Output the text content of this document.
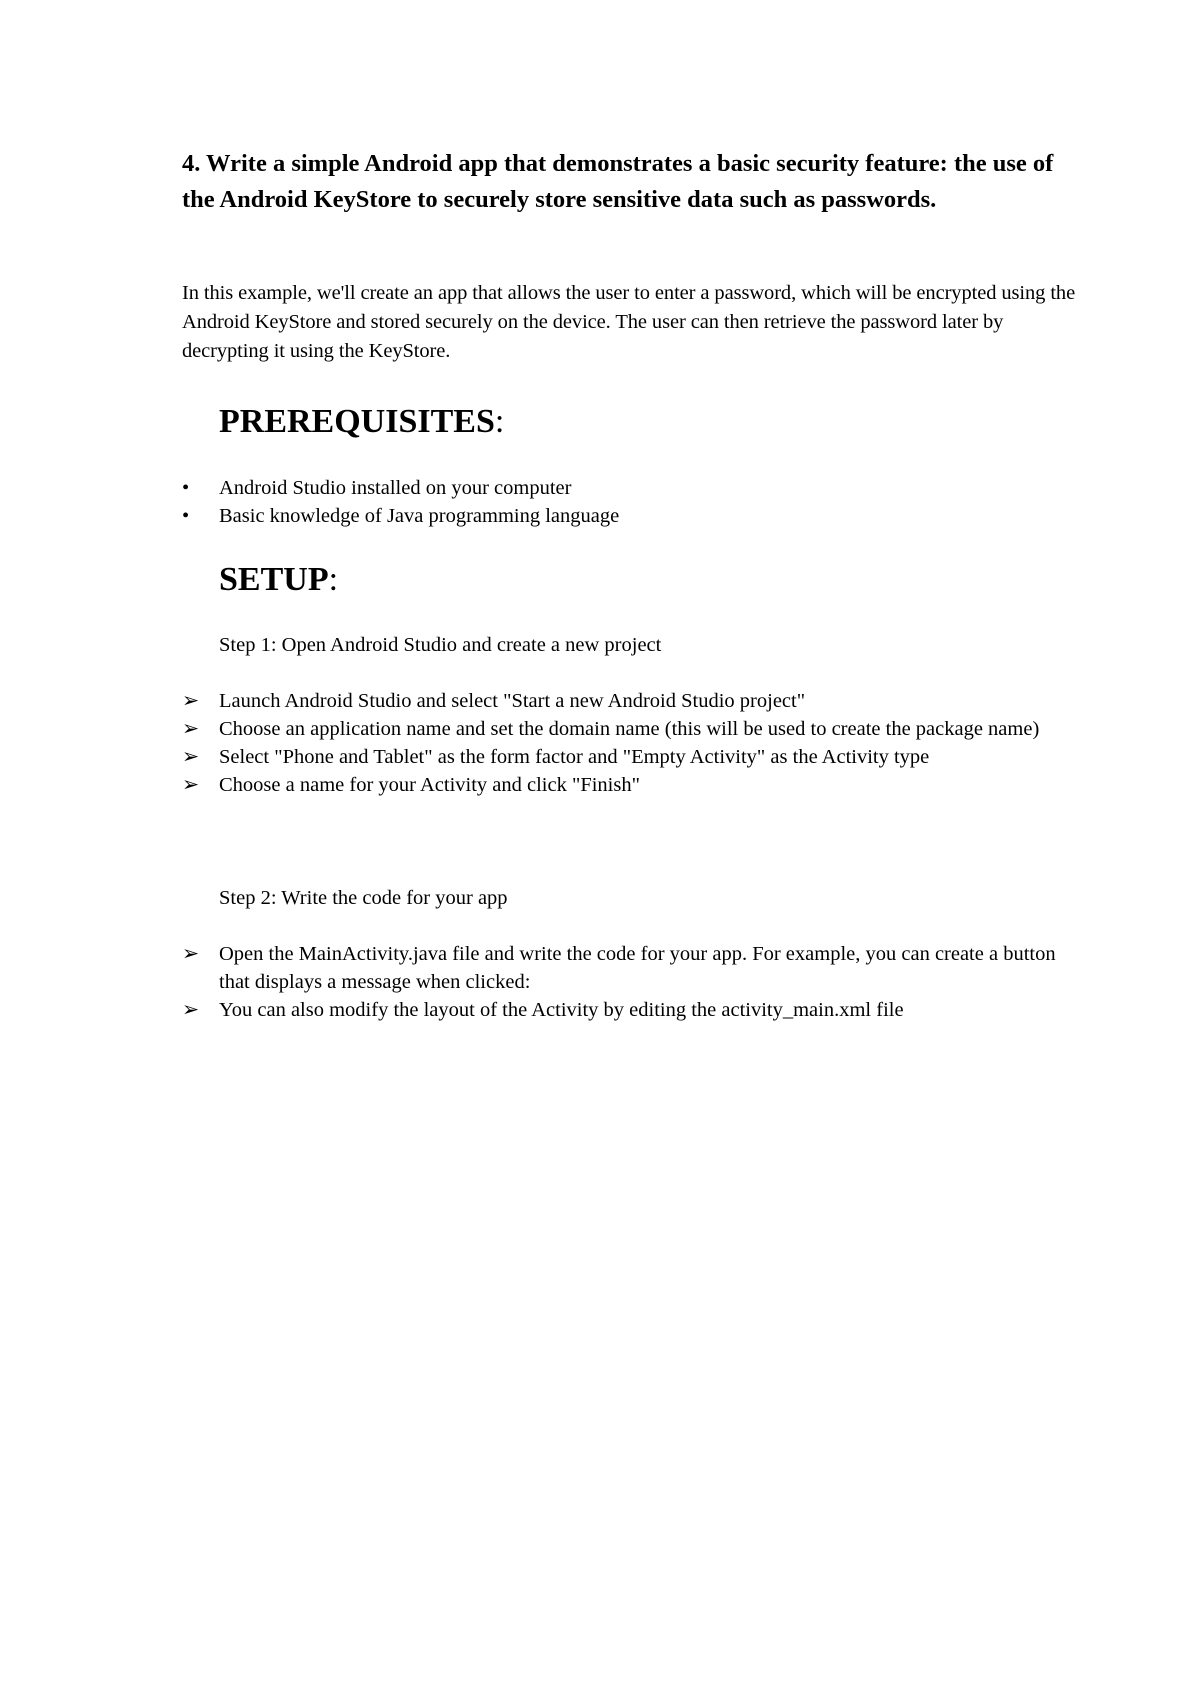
4. Write a simple Android app that demonstrates a basic security feature: the use of the Android KeyStore to securely store sensitive data such as passwords.

In this example, we'll create an app that allows the user to enter a password, which will be encrypted using the Android KeyStore and stored securely on the device. The user can then retrieve the password later by decrypting it using the KeyStore.

PREREQUISITES:
•	Android Studio installed on your computer
•	Basic knowledge of Java programming language
SETUP:

Step 1: Open Android Studio and create a new project

➢ Launch Android Studio and select "Start a new Android Studio project"
➢ Choose an application name and set the domain name (this will be used to create the package name)
➢ Select "Phone and Tablet" as the form factor and "Empty Activity" as the Activity type
➢ Choose a name for your Activity and click "Finish"

Step 2: Write the code for your app

➢ Open the MainActivity.java file and write the code for your app. For example, you can create a button that displays a message when clicked:
➢ You can also modify the layout of the Activity by editing the activity_main.xml file
